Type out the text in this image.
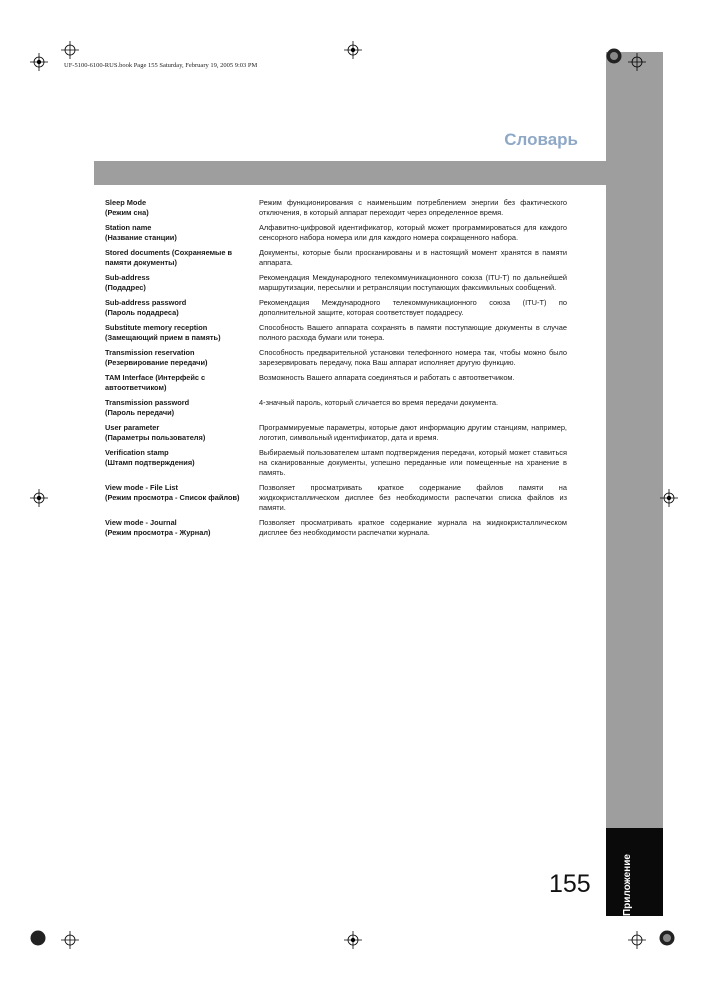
Приложение
UF-5100-6100-RUS.book Page 155 Saturday, February 19, 2005 9:03 PM
Словарь
Sleep Mode
(Режим сна)
Режим функционирования с наименьшим потреблением энергии без фактического отключения, в который аппарат переходит через определенное время.
Station name
(Название станции)
Алфавитно-цифровой идентификатор, который может программироваться для каждого сенсорного набора номера или для каждого номера сокращенного набора.
Stored documents (Сохраняемые в
памяти документы)
Документы, которые были просканированы и в настоящий момент хранятся в памяти аппарата.
Sub-address
(Подадрес)
Рекомендация Международного телекоммуникационного союза (ITU-T) по дальнейшей маршрутизации, пересылки и ретрансляции поступающих факсимильных сообщений.
Sub-address password
(Пароль подадреса)
Рекомендация Международного телекоммуникационного союза (ITU-T) по дополнительной защите, которая соответствует подадресу.
Substitute memory reception
(Замещающий прием в память)
Способность Вашего аппарата сохранять в памяти поступающие документы в случае полного расхода бумаги или тонера.
Transmission reservation
(Резервирование передачи)
Способность предварительной установки телефонного номера так, чтобы можно было зарезервировать передачу, пока Ваш аппарат исполняет другую функцию.
TAM Interface (Интерфейс с
автоответчиком)
Возможность Вашего аппарата соединяться и работать с автоответчиком.
Transmission password
(Пароль передачи)
4-значный пароль, который сличается во время передачи документа.
User parameter
(Параметры пользователя)
Программируемые параметры, которые дают информацию другим станциям, например, логотип, символьный идентификатор, дата и время.
Verification stamp
(Штамп подтверждения)
Выбираемый пользователем штамп подтверждения передачи, который может ставиться на сканированные документы, успешно переданные или помещенные на хранение в память.
View mode - File List
(Режим просмотра - Список файлов)
Позволяет просматривать краткое содержание файлов памяти на жидкокристаллическом дисплее без необходимости распечатки списка файлов из памяти.
View mode - Journal
(Режим просмотра - Журнал)
Позволяет просматривать краткое содержание журнала на жидкокристаллическом дисплее без необходимости распечатки журнала.
155
